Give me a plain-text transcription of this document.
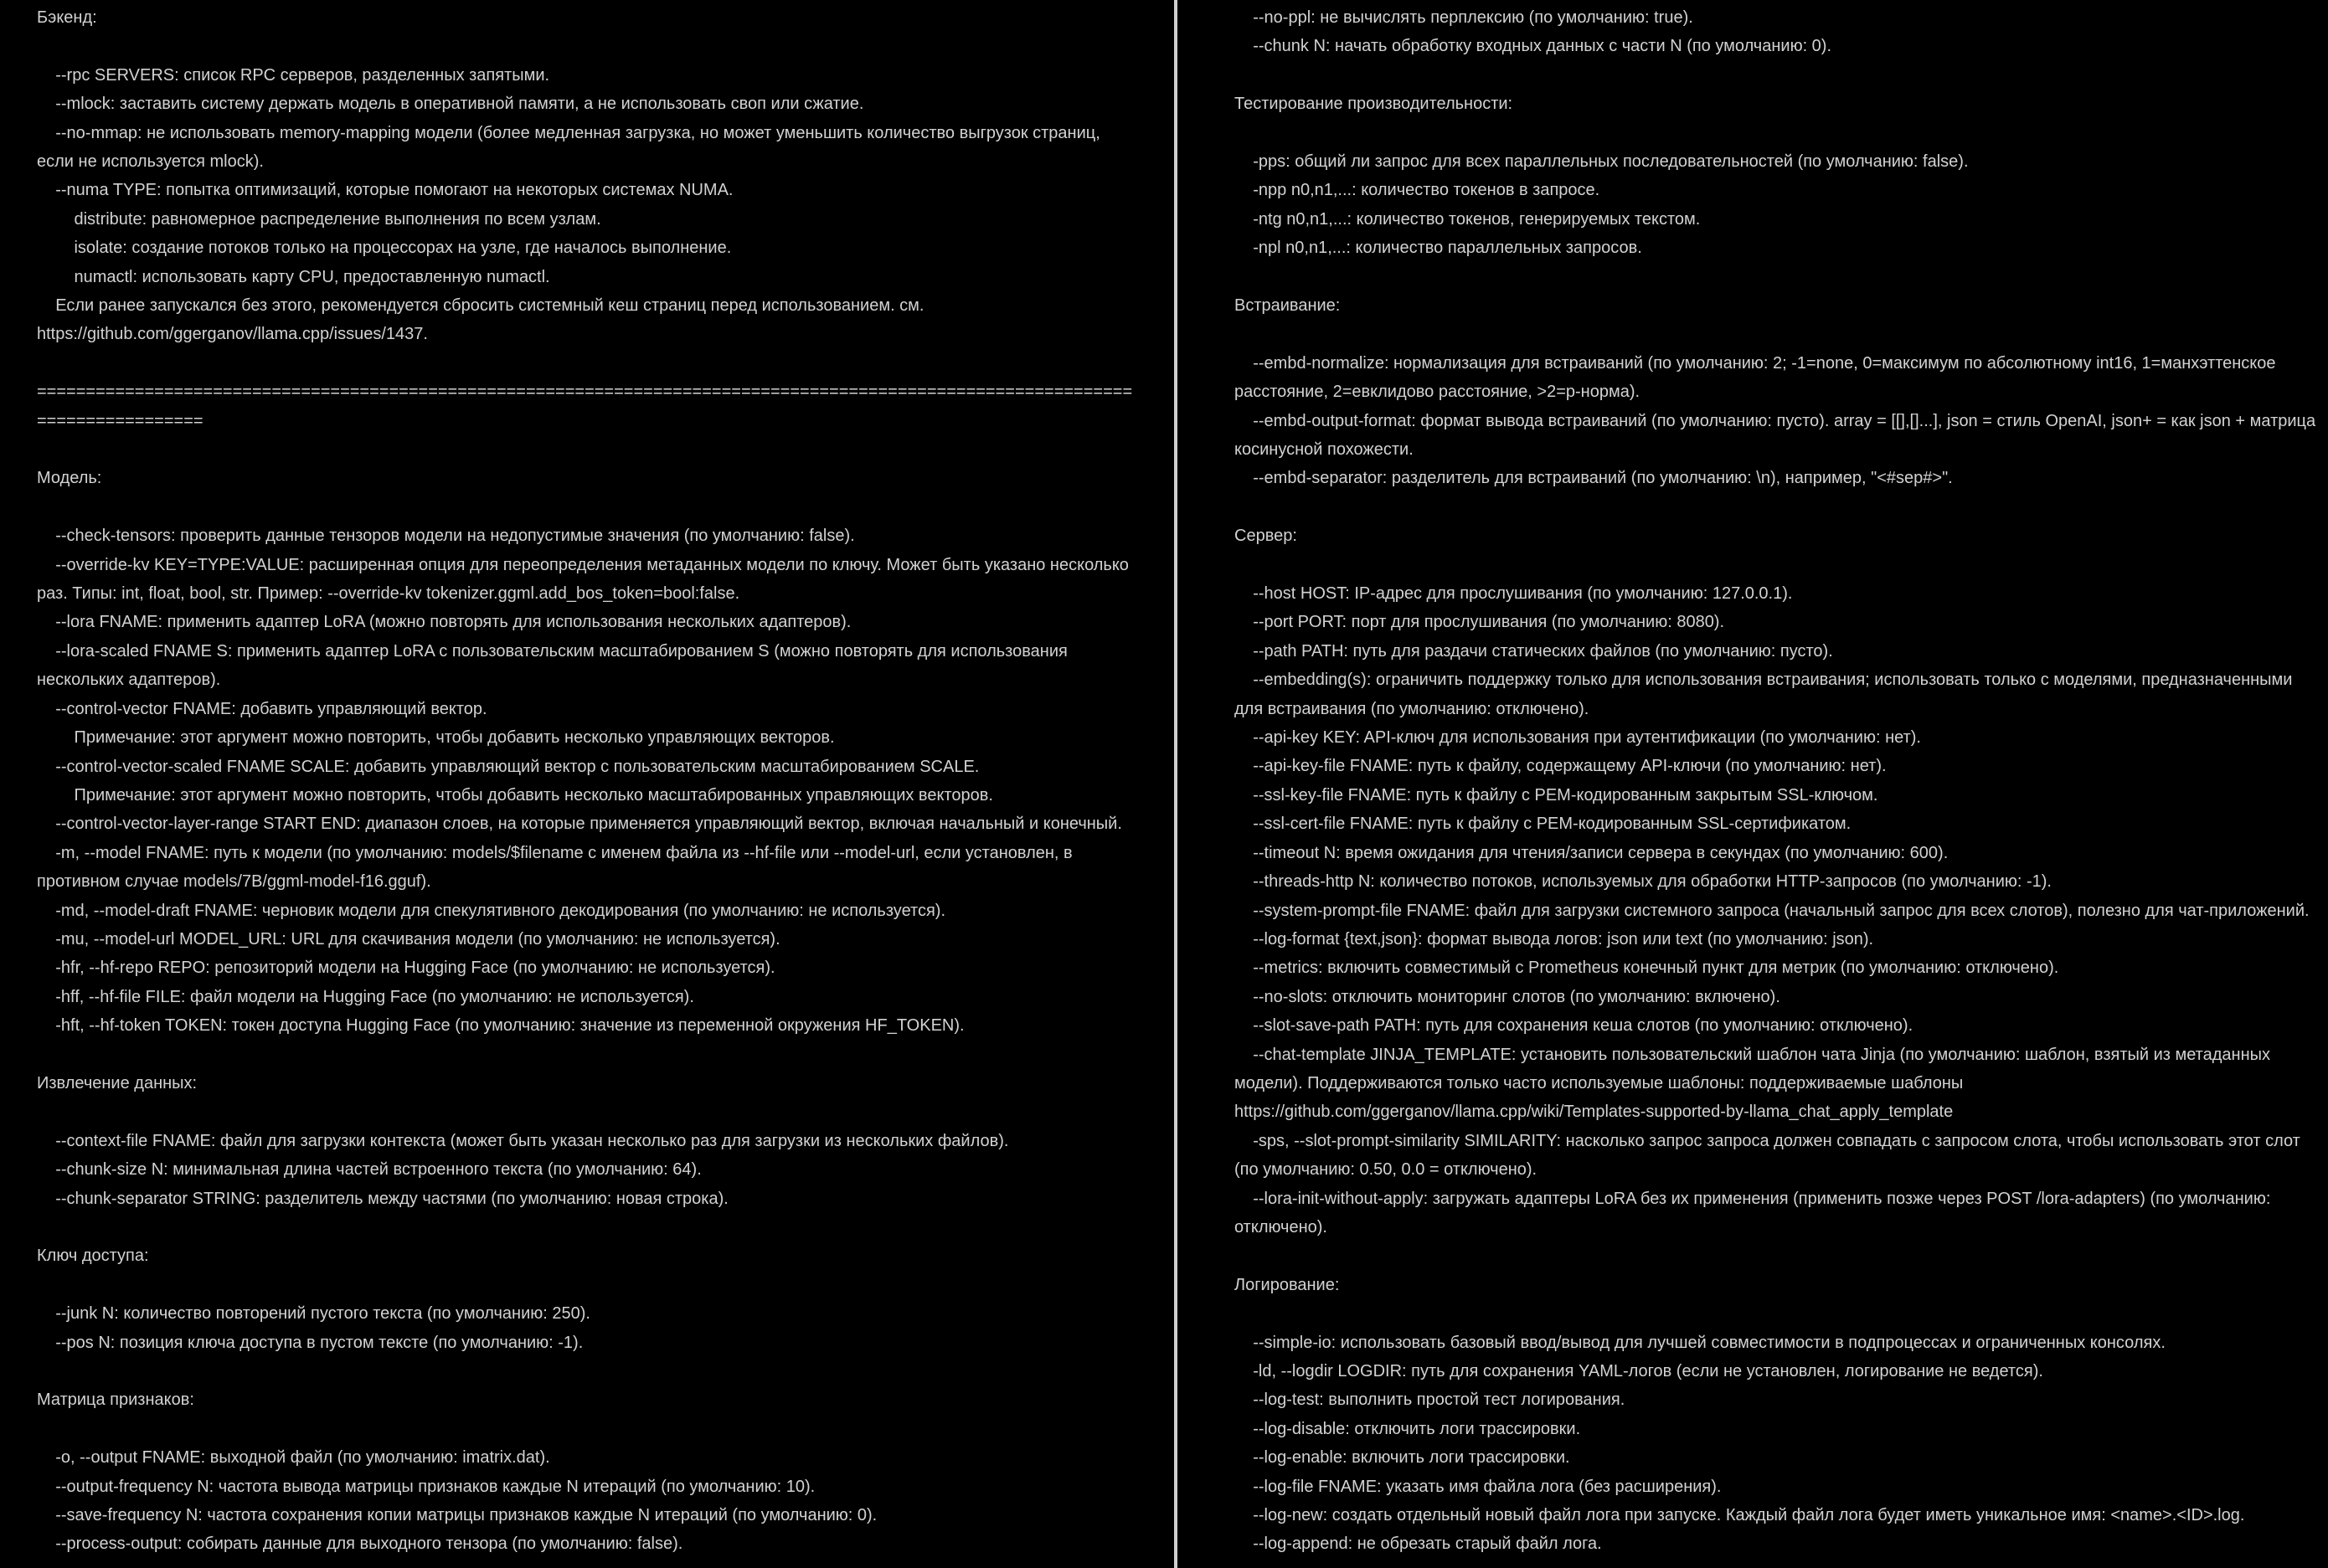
Бэкенд:

--rpc SERVERS: список RPC серверов, разделенных запятыми.

--mlock: заставить систему держать модель в оперативной памяти, а не использовать своп или сжатие.

--no-mmap: не использовать memory-mapping модели (более медленная загрузка, но может уменьшить количество выгрузок страниц, если не используется mlock).

--numa TYPE: попытка оптимизаций, которые помогают на некоторых системах NUMA.

distribute: равномерное распределение выполнения по всем узлам.

isolate: создание потоков только на процессорах на узле, где началось выполнение.

numactl: использовать карту CPU, предоставленную numactl.

Если ранее запускался без этого, рекомендуется сбросить системный кеш страниц перед использованием. см. https://github.com/ggerganov/llama.cpp/issues/1437.

=================================================================================================================================

Модель:

--check-tensors: проверить данные тензоров модели на недопустимые значения (по умолчанию: false).

--override-kv KEY=TYPE:VALUE: расширенная опция для переопределения метаданных модели по ключу. Может быть указано несколько раз. Типы: int, float, bool, str. Пример: --override-kv tokenizer.ggml.add_bos_token=bool:false.

--lora FNAME: применить адаптер LoRA (можно повторять для использования нескольких адаптеров).

--lora-scaled FNAME S: применить адаптер LoRA с пользовательским масштабированием S (можно повторять для использования нескольких адаптеров).

--control-vector FNAME: добавить управляющий вектор.

Примечание: этот аргумент можно повторить, чтобы добавить несколько управляющих векторов.

--control-vector-scaled FNAME SCALE: добавить управляющий вектор с пользовательским масштабированием SCALE.

Примечание: этот аргумент можно повторить, чтобы добавить несколько масштабированных управляющих векторов.

--control-vector-layer-range START END: диапазон слоев, на которые применяется управляющий вектор, включая начальный и конечный.

-m, --model FNAME: путь к модели (по умолчанию: models/$filename с именем файла из --hf-file или --model-url, если установлен, в противном случае models/7B/ggml-model-f16.gguf).

-md, --model-draft FNAME: черновик модели для спекулятивного декодирования (по умолчанию: не используется).

-mu, --model-url MODEL_URL: URL для скачивания модели (по умолчанию: не используется).

-hfr, --hf-repo REPO: репозиторий модели на Hugging Face (по умолчанию: не используется).

-hff, --hf-file FILE: файл модели на Hugging Face (по умолчанию: не используется).

-hft, --hf-token TOKEN: токен доступа Hugging Face (по умолчанию: значение из переменной окружения HF_TOKEN).

Извлечение данных:

--context-file FNAME: файл для загрузки контекста (может быть указан несколько раз для загрузки из нескольких файлов).

--chunk-size N: минимальная длина частей встроенного текста (по умолчанию: 64).

--chunk-separator STRING: разделитель между частями (по умолчанию: новая строка).

Ключ доступа:

--junk N: количество повторений пустого текста (по умолчанию: 250).

--pos N: позиция ключа доступа в пустом тексте (по умолчанию: -1).

Матрица признаков:

-o, --output FNAME: выходной файл (по умолчанию: imatrix.dat).

--output-frequency N: частота вывода матрицы признаков каждые N итераций (по умолчанию: 10).

--save-frequency N: частота сохранения копии матрицы признаков каждые N итераций (по умолчанию: 0).

--process-output: собирать данные для выходного тензора (по умолчанию: false).

--no-ppl: не вычислять перплексию (по умолчанию: true).

--chunk N: начать обработку входных данных с части N (по умолчанию: 0).

Тестирование производительности:

-pps: общий ли запрос для всех параллельных последовательностей (по умолчанию: false).

-npp n0,n1,...: количество токенов в запросе.

-ntg n0,n1,...: количество токенов, генерируемых текстом.

-npl n0,n1,...: количество параллельных запросов.

Встраивание:

--embd-normalize: нормализация для встраиваний (по умолчанию: 2; -1=none, 0=максимум по абсолютному int16, 1=манхэттенское расстояние, 2=евклидово расстояние, >2=p-норма).

--embd-output-format: формат вывода встраиваний (по умолчанию: пусто). array = [[],[]...], json = стиль OpenAI, json+ = как json + матрица косинусной похожести.

--embd-separator: разделитель для встраиваний (по умолчанию: \n), например, "<#sep#>".

Сервер:

--host HOST: IP-адрес для прослушивания (по умолчанию: 127.0.0.1).

--port PORT: порт для прослушивания (по умолчанию: 8080).

--path PATH: путь для раздачи статических файлов (по умолчанию: пусто).

--embedding(s): ограничить поддержку только для использования встраивания; использовать только с моделями, предназначенными для встраивания (по умолчанию: отключено).

--api-key KEY: API-ключ для использования при аутентификации (по умолчанию: нет).

--api-key-file FNAME: путь к файлу, содержащему API-ключи (по умолчанию: нет).

--ssl-key-file FNAME: путь к файлу с PEM-кодированным закрытым SSL-ключом.

--ssl-cert-file FNAME: путь к файлу с PEM-кодированным SSL-сертификатом.

--timeout N: время ожидания для чтения/записи сервера в секундах (по умолчанию: 600).

--threads-http N: количество потоков, используемых для обработки HTTP-запросов (по умолчанию: -1).

--system-prompt-file FNAME: файл для загрузки системного запроса (начальный запрос для всех слотов), полезно для чат-приложений.

--log-format {text,json}: формат вывода логов: json или text (по умолчанию: json).

--metrics: включить совместимый с Prometheus конечный пункт для метрик (по умолчанию: отключено).

--no-slots: отключить мониторинг слотов (по умолчанию: включено).

--slot-save-path PATH: путь для сохранения кеша слотов (по умолчанию: отключено).

--chat-template JINJA_TEMPLATE: установить пользовательский шаблон чата Jinja (по умолчанию: шаблон, взятый из метаданных модели). Поддерживаются только часто используемые шаблоны: поддерживаемые шаблоны https://github.com/ggerganov/llama.cpp/wiki/Templates-supported-by-llama_chat_apply_template

-sps, --slot-prompt-similarity SIMILARITY: насколько запрос запроса должен совпадать с запросом слота, чтобы использовать этот слот (по умолчанию: 0.50, 0.0 = отключено).

--lora-init-without-apply: загружать адаптеры LoRA без их применения (применить позже через POST /lora-adapters) (по умолчанию: отключено).

Логирование:

--simple-io: использовать базовый ввод/вывод для лучшей совместимости в подпроцессах и ограниченных консолях.

-ld, --logdir LOGDIR: путь для сохранения YAML-логов (если не установлен, логирование не ведется).

--log-test: выполнить простой тест логирования.

--log-disable: отключить логи трассировки.

--log-enable: включить логи трассировки.

--log-file FNAME: указать имя файла лога (без расширения).

--log-new: создать отдельный новый файл лога при запуске. Каждый файл лога будет иметь уникальное имя: <name>.<ID>.log.

--log-append: не обрезать старый файл лога.
